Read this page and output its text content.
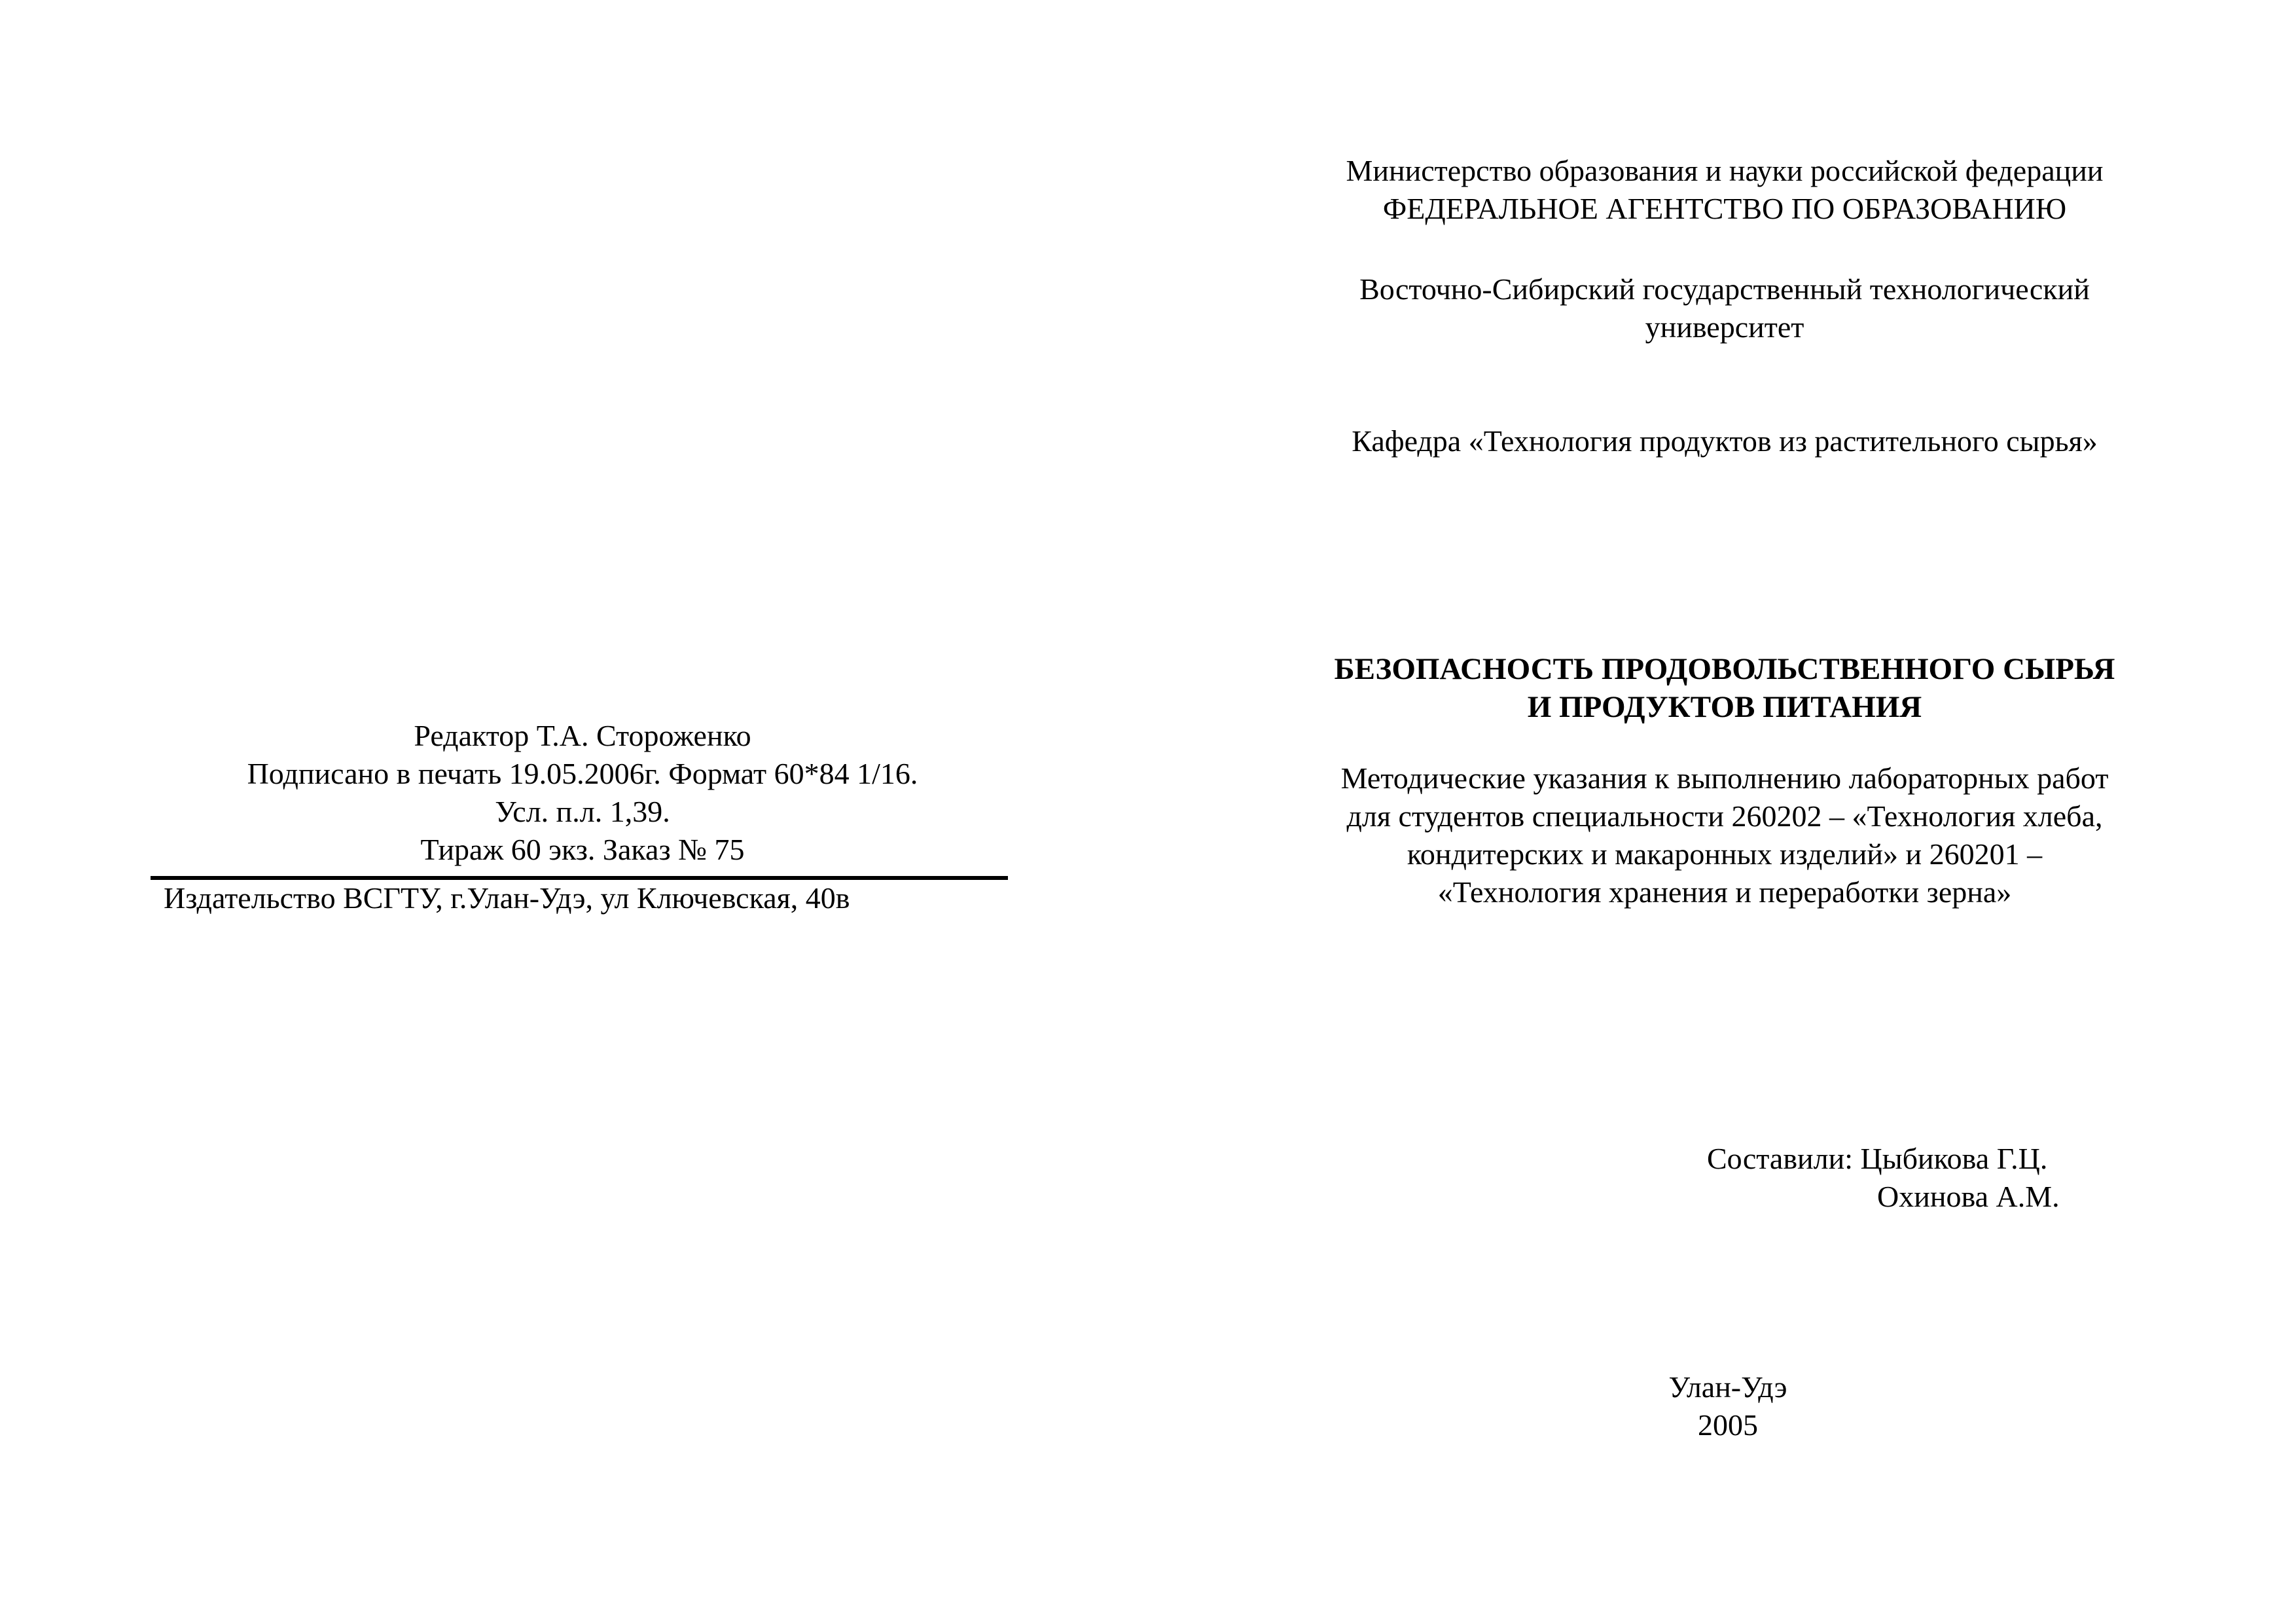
Редактор Т.А. Стороженко
Подписано в печать 19.05.2006г. Формат 60*84 1/16.
Усл. п.л. 1,39.
Тираж 60 экз. Заказ № 75
Издательство ВСГТУ, г.Улан-Удэ, ул Ключевская, 40в
Министерство образования и науки российской федерации
ФЕДЕРАЛЬНОЕ АГЕНТСТВО ПО ОБРАЗОВАНИЮ
Восточно-Сибирский государственный технологический
университет
Кафедра «Технология продуктов из растительного сырья»
БЕЗОПАСНОСТЬ ПРОДОВОЛЬСТВЕННОГО СЫРЬЯ
И ПРОДУКТОВ ПИТАНИЯ
Методические указания к выполнению лабораторных работ
для студентов специальности 260202 – «Технология хлеба,
кондитерских и макаронных изделий» и 260201 –
«Технология хранения и переработки зерна»
Составили: Цыбикова Г.Ц.
Охинова А.М.
Улан-Удэ
2005
